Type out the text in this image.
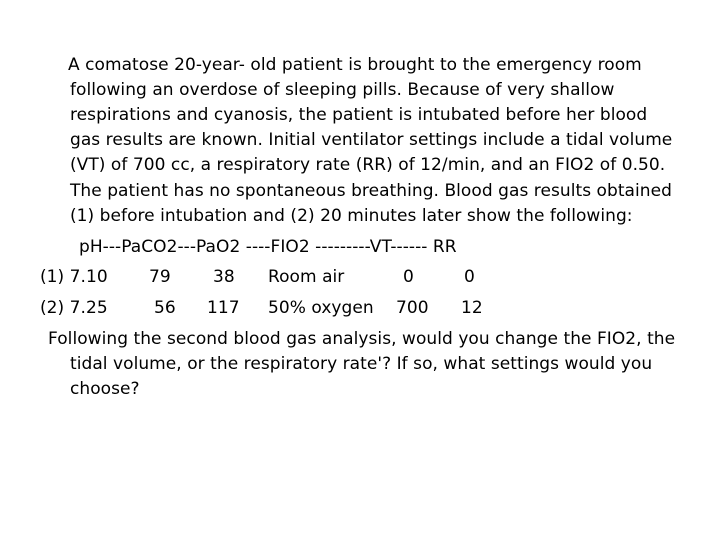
A comatose 20-year- old patient is brought to the emergency room
following an overdose of sleeping pills. Because of very shallow
respirations and cyanosis, the patient is intubated before her blood
gas results are known. Initial ventilator settings include a tidal volume
(VT) of 700 cc, a respiratory rate (RR) of 12/min, and an FIO2 of 0.50.
The patient has no spontaneous breathing. Blood gas results obtained
(1) before intubation and (2) 20 minutes later show the following:
pH---PaCO2---PaO2 ----FIO2 ---------VT------ RR
(1) 7.10 79 38 Room air	0	0
(2) 7.25	56 117 50% oxygen 700 12
Following the second blood gas analysis, would you change the FIO2, the
tidal volume, or the respiratory rate'? If so, what settings would you
choose?
